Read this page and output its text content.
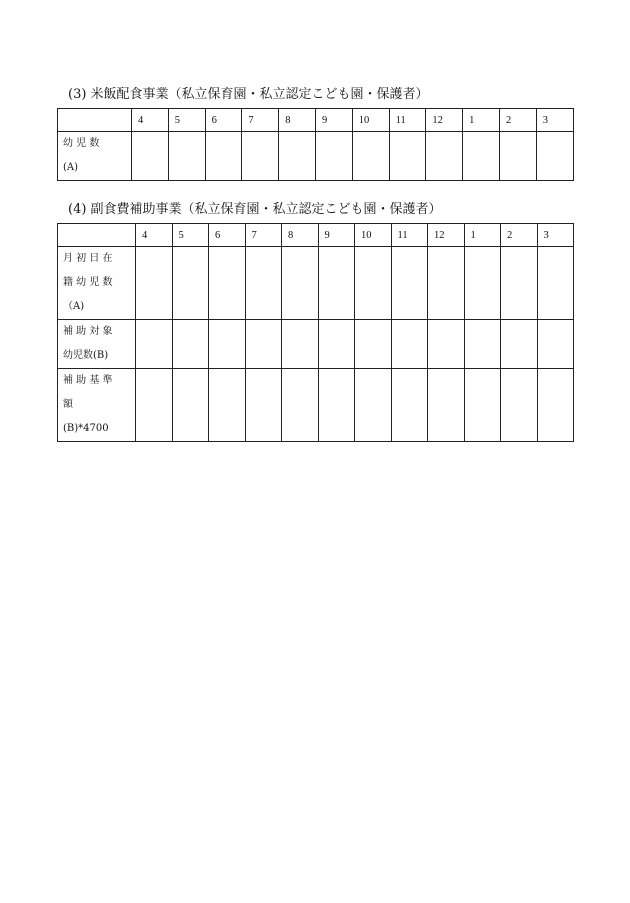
(3) 米飯配食事業（私立保育園・私立認定こども園・保護者）
	4	5	6	7	8	9	10	11	12	1	2	3

幼 児 数
(A)												

(4) 副食費補助事業（私立保育園・私立認定こども園・保護者）
	4	5	6	7	8	9	10	11	12	1	2	3

月 初 日 在
籍 幼 児 数
（A)												

補 助 対 象
幼児数(B)												

補 助 基 準
額
(B)*4700												
